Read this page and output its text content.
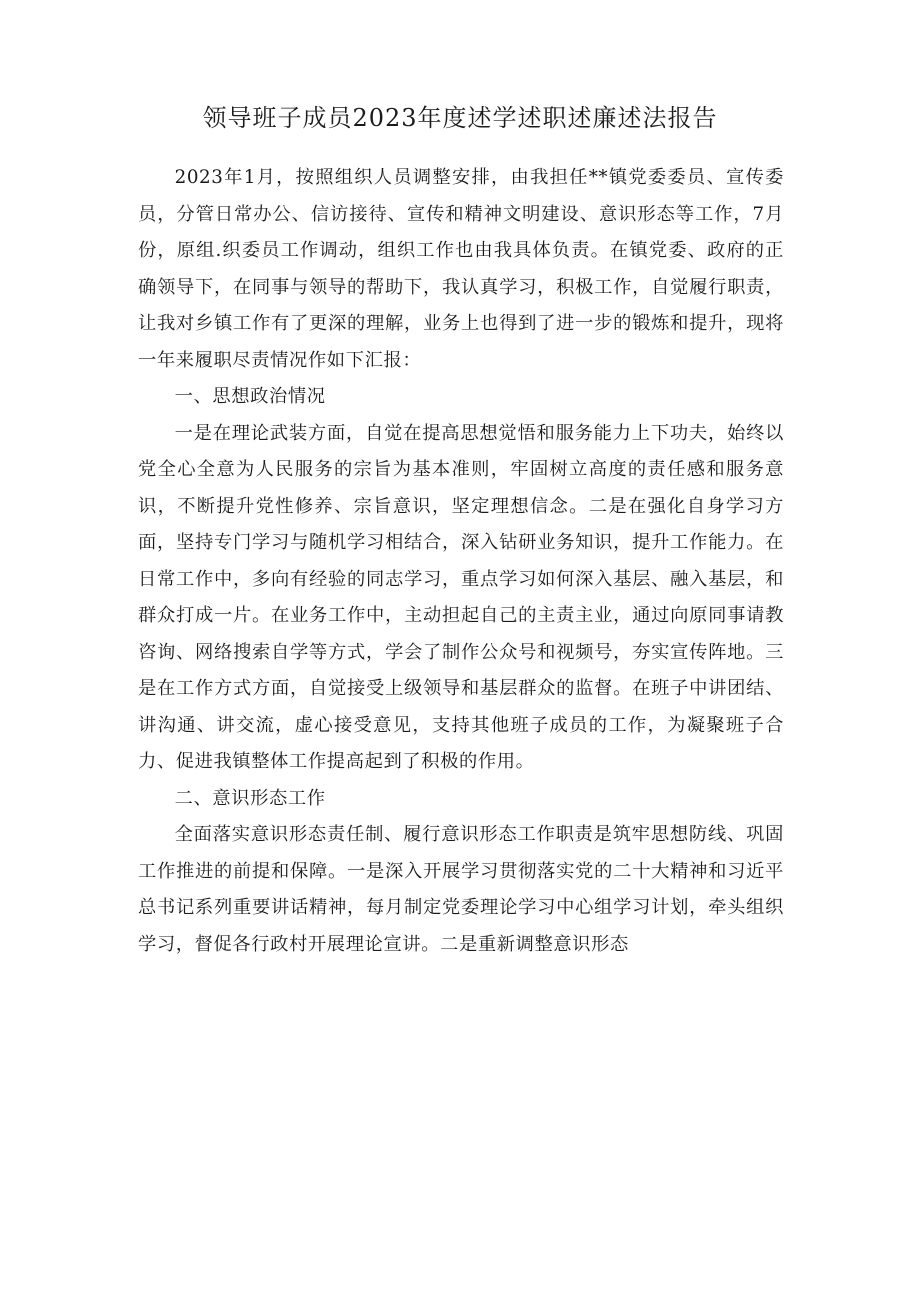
领导班子成员2023年度述学述职述廉述法报告

2023年1月，按照组织人员调整安排，由我担任**镇党委委员、宣传委员，分管日常办公、信访接待、宣传和精神文明建设、意识形态等工作，7月份，原组.织委员工作调动，组织工作也由我具体负责。在镇党委、政府的正确领导下，在同事与领导的帮助下，我认真学习，积极工作，自觉履行职责，让我对乡镇工作有了更深的理解，业务上也得到了进一步的锻炼和提升，现将一年来履职尽责情况作如下汇报：

一、思想政治情况

一是在理论武装方面，自觉在提高思想觉悟和服务能力上下功夫，始终以党全心全意为人民服务的宗旨为基本准则，牢固树立高度的责任感和服务意识，不断提升党性修养、宗旨意识，坚定理想信念。二是在强化自身学习方面，坚持专门学习与随机学习相结合，深入钻研业务知识，提升工作能力。在日常工作中，多向有经验的同志学习，重点学习如何深入基层、融入基层，和群众打成一片。在业务工作中，主动担起自己的主责主业，通过向原同事请教咨询、网络搜索自学等方式，学会了制作公众号和视频号，夯实宣传阵地。三是在工作方式方面，自觉接受上级领导和基层群众的监督。在班子中讲团结、讲沟通、讲交流，虚心接受意见，支持其他班子成员的工作，为凝聚班子合力、促进我镇整体工作提高起到了积极的作用。

二、意识形态工作

全面落实意识形态责任制、履行意识形态工作职责是筑牢思想防线、巩固工作推进的前提和保障。一是深入开展学习贯彻落实党的二十大精神和习近平总书记系列重要讲话精神，每月制定党委理论学习中心组学习计划，牵头组织学习，督促各行政村开展理论宣讲。二是重新调整意识形态
